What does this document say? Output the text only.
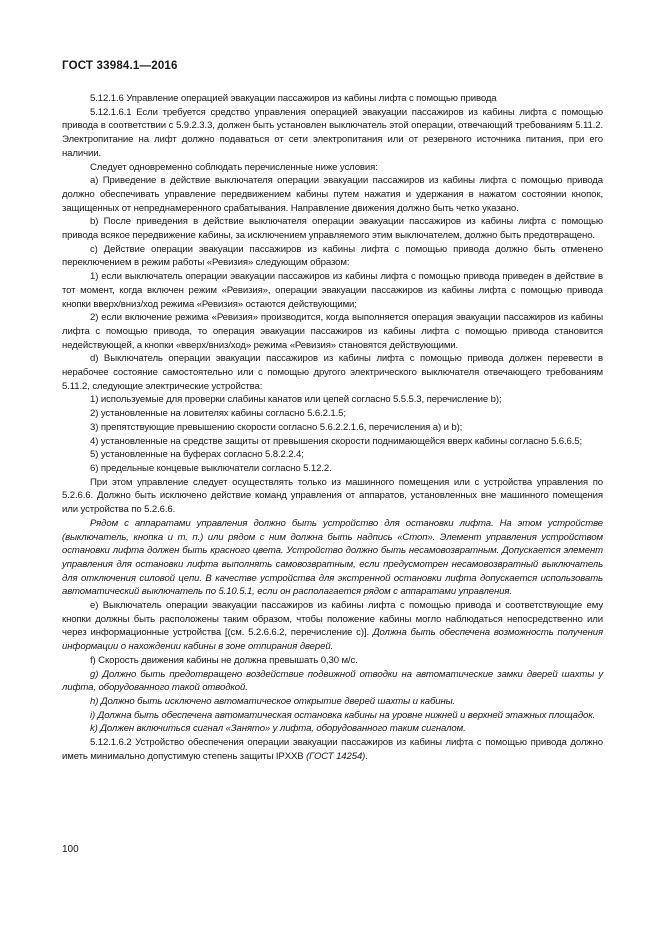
ГОСТ 33984.1—2016

5.12.1.6 Управление операцией эвакуации пассажиров из кабины лифта с помощью привода

5.12.1.6.1 Если требуется средство управления операцией эвакуации пассажиров из кабины лифта с помощью привода в соответствии с 5.9.2.3.3, должен быть установлен выключатель этой операции, отвечающий требованиям 5.11.2. Электропитание на лифт должно подаваться от сети электропитания или от резервного источника питания, при его наличии.

Следует одновременно соблюдать перечисленные ниже условия:

a) Приведение в действие выключателя операции эвакуации пассажиров из кабины лифта с помощью привода должно обеспечивать управление передвижением кабины путем нажатия и удержания в нажатом состоянии кнопок, защищенных от непреднамеренного срабатывания. Направление движения должно быть четко указано.

b) После приведения в действие выключателя операции эвакуации пассажиров из кабины лифта с помощью привода всякое передвижение кабины, за исключением управляемого этим выключателем, должно быть предотвращено.

c) Действие операции эвакуации пассажиров из кабины лифта с помощью привода должно быть отменено переключением в режим работы «Ревизия» следующим образом:

1) если выключатель операции эвакуации пассажиров из кабины лифта с помощью привода приведен в действие в тот момент, когда включен режим «Ревизия», операции эвакуации пассажиров из кабины лифта с помощью привода кнопки вверх/вниз/ход режима «Ревизия» остаются действующими;

2) если включение режима «Ревизия» производится, когда выполняется операция эвакуации пассажиров из кабины лифта с помощью привода, то операция эвакуации пассажиров из кабины лифта с помощью привода становится недействующей, а кнопки «вверх/вниз/ход» режима «Ревизия» становятся действующими.

d) Выключатель операции эвакуации пассажиров из кабины лифта с помощью привода должен перевести в нерабочее состояние самостоятельно или с помощью другого электрического выключателя отвечающего требованиям 5.11.2, следующие электрические устройства:

1) используемые для проверки слабины канатов или цепей согласно 5.5.5.3, перечисление b);

2) установленные на ловителях кабины согласно 5.6.2.1.5;

3) препятствующие превышению скорости согласно 5.6.2.2.1.6, перечисления a) и b);

4) установленные на средстве защиты от превышения скорости поднимающейся вверх кабины согласно 5.6.6.5;

5) установленные на буферах согласно 5.8.2.2.4;

6) предельные концевые выключатели согласно 5.12.2.

При этом управление следует осуществлять только из машинного помещения или с устройства управления по 5.2.6.6. Должно быть исключено действие команд управления от аппаратов, установленных вне машинного помещения или устройства по 5.2.6.6.

Рядом с аппаратами управления должно быть устройство для остановки лифта. На этом устройстве (выключатель, кнопка и т. п.) или рядом с ним должна быть надпись «Стоп». Элемент управления устройством остановки лифта должен быть красного цвета. Устройство должно быть несамовозвратным. Допускается элемент управления для остановки лифта выполнять самовозвратным, если предусмотрен несамовозвратный выключатель для отключения силовой цепи. В качестве устройства для экстренной остановки лифта допускается использовать автоматический выключатель по 5.10.5.1, если он располагается рядом с аппаратами управления.

e) Выключатель операции эвакуации пассажиров из кабины лифта с помощью привода и соответствующие ему кнопки должны быть расположены таким образом, чтобы положение кабины могло наблюдаться непосредственно или через информационные устройства [(см. 5.2.6.6.2, перечисление c)]. Должна быть обеспечена возможность получения информации о нахождении кабины в зоне отпирания дверей.

f) Скорость движения кабины не должна превышать 0,30 м/с.

g) Должно быть предотвращено воздействие подвижной отводки на автоматические замки дверей шахты у лифта, оборудованного такой отводкой.

h) Должно быть исключено автоматическое открытие дверей шахты и кабины.

i) Должна быть обеспечена автоматическая остановка кабины на уровне нижней и верхней этажных площадок.

k) Должен включиться сигнал «Занято» у лифта, оборудованного таким сигналом.

5.12.1.6.2 Устройство обеспечения операции эвакуации пассажиров из кабины лифта с помощью привода должно иметь минимально допустимую степень защиты IPXXB (ГОСТ 14254).

100
